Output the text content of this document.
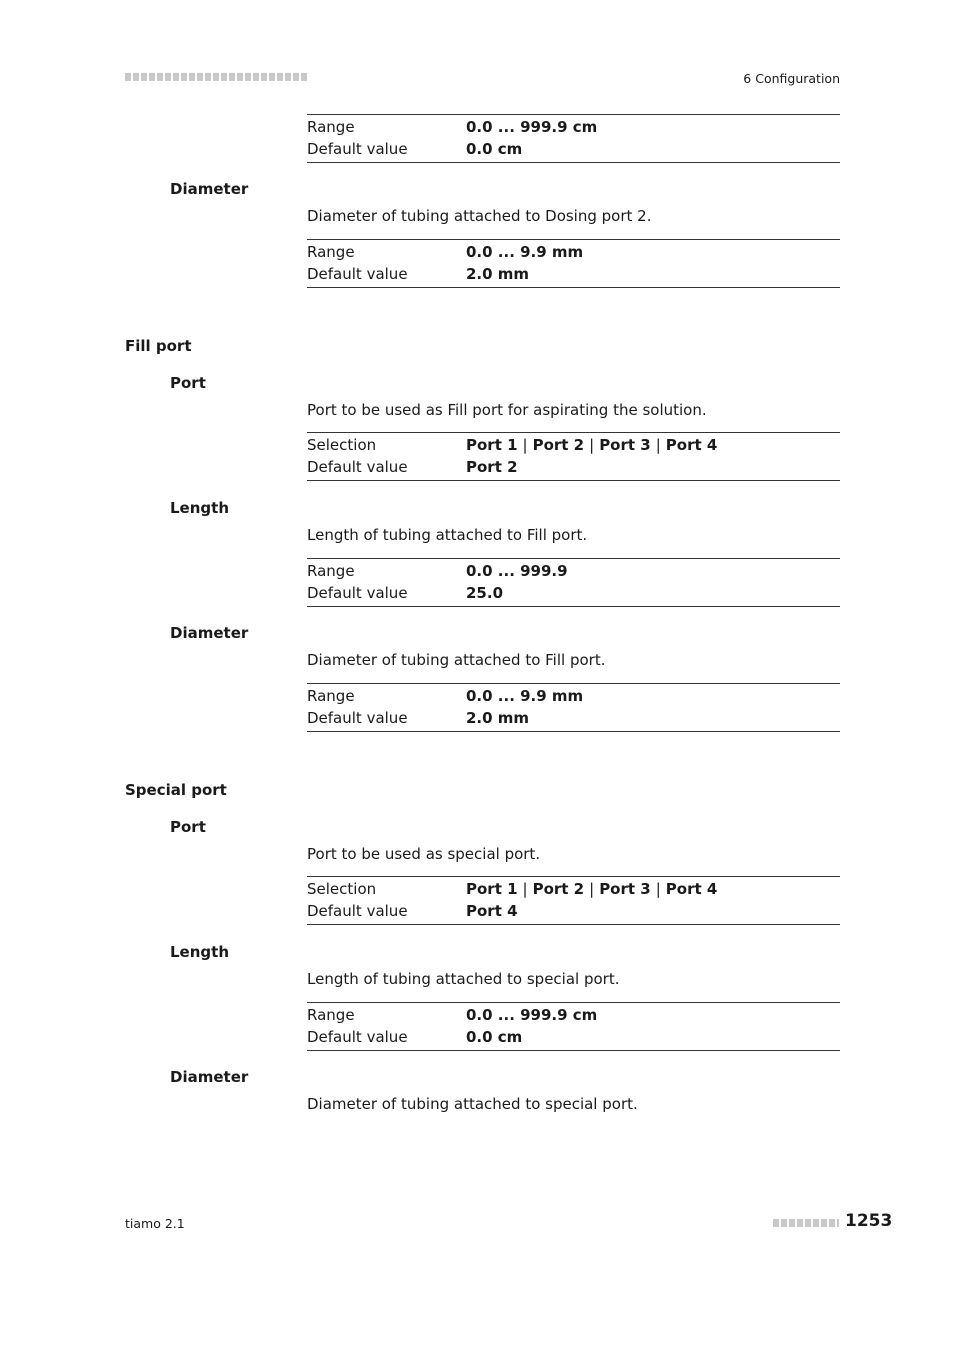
6 Configuration
Range	0.0 ... 999.9 cm
Default value	0.0 cm
Diameter
Diameter of tubing attached to Dosing port 2.
Range	0.0 ... 9.9 mm
Default value	2.0 mm
Fill port
Port
Port to be used as Fill port for aspirating the solution.
Selection	Port 1 | Port 2 | Port 3 | Port 4
Default value	Port 2
Length
Length of tubing attached to Fill port.
Range	0.0 ... 999.9
Default value	25.0
Diameter
Diameter of tubing attached to Fill port.
Range	0.0 ... 9.9 mm
Default value	2.0 mm
Special port
Port
Port to be used as special port.
Selection	Port 1 | Port 2 | Port 3 | Port 4
Default value	Port 4
Length
Length of tubing attached to special port.
Range	0.0 ... 999.9 cm
Default value	0.0 cm
Diameter
Diameter of tubing attached to special port.
tiamo 2.1	1253
